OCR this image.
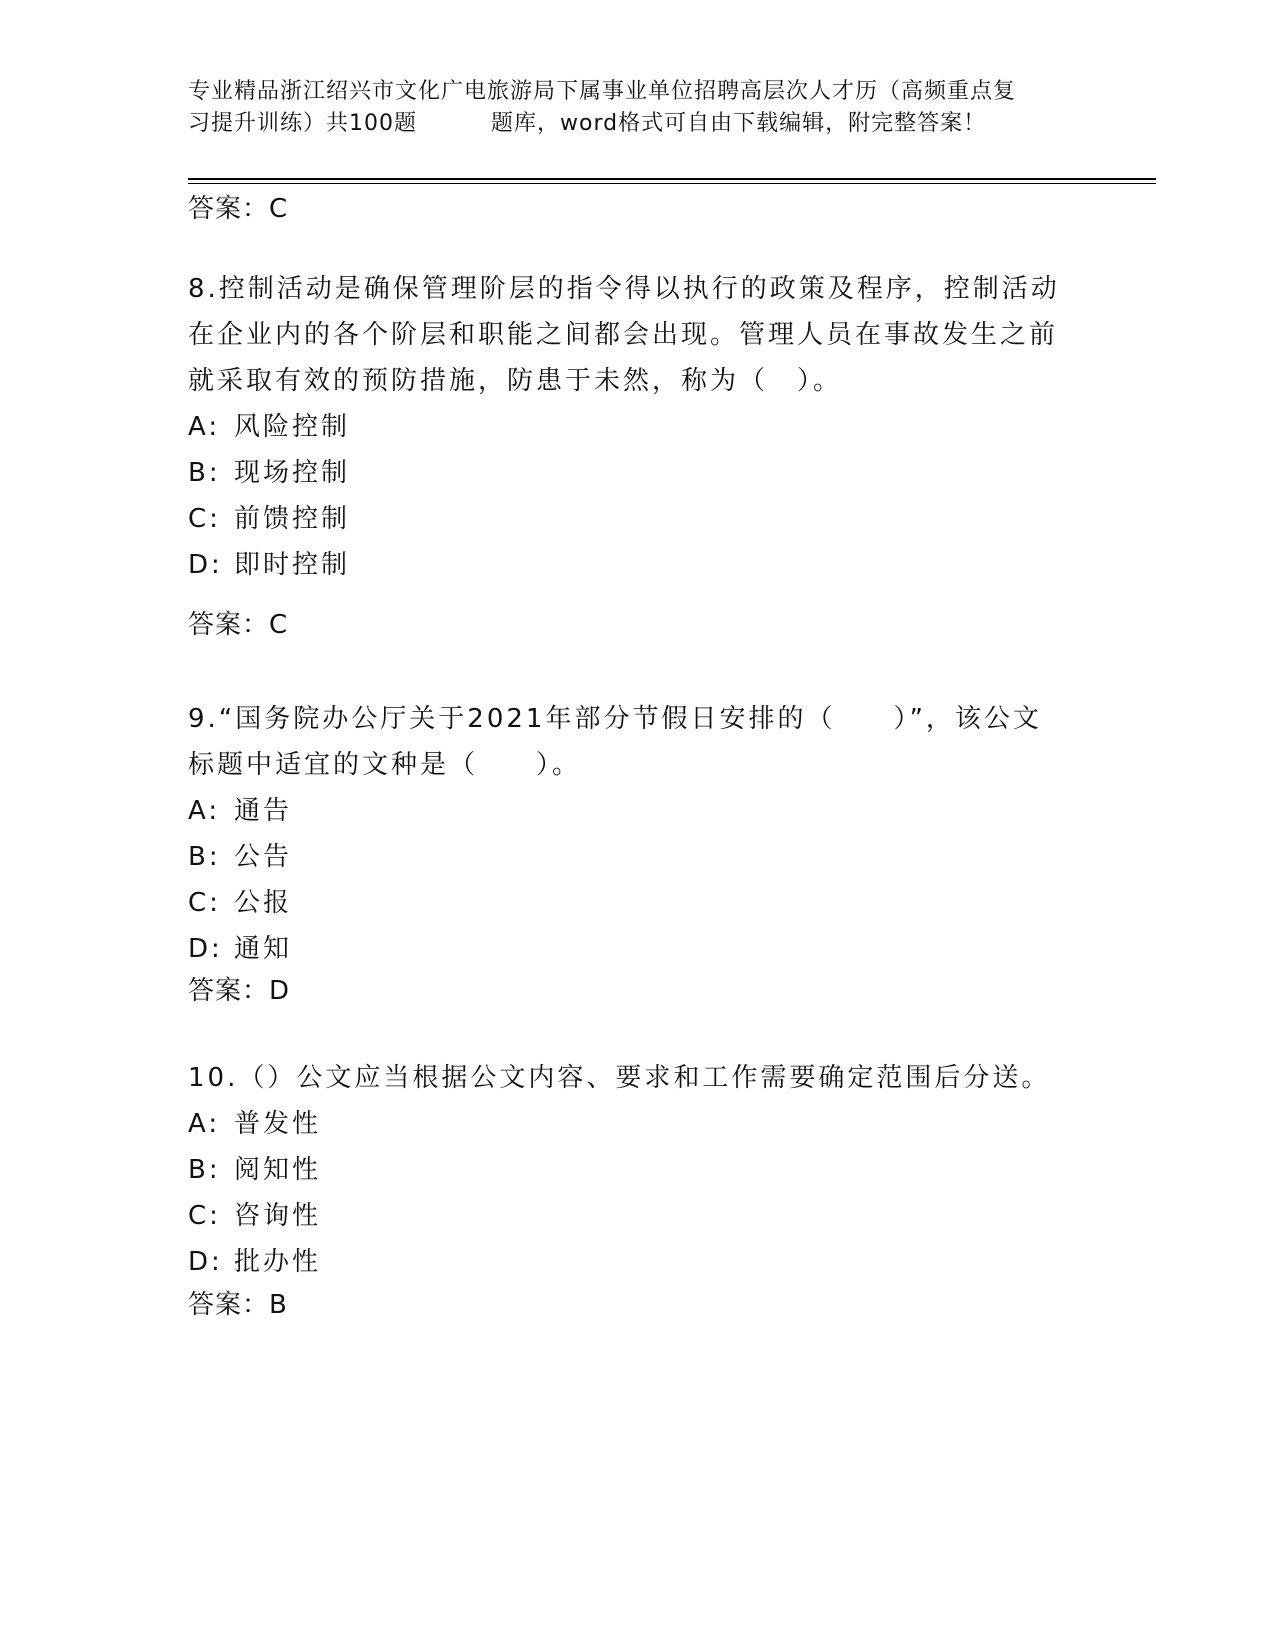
专业精品浙江绍兴市文化广电旅游局下属事业单位招聘高层次人才历（高频重点复
习提升训练）共100题	题库，word格式可自由下载编辑，附完整答案！
答案：C
8.控制活动是确保管理阶层的指令得以执行的政策及程序，控制活动
在企业内的各个阶层和职能之间都会出现。管理人员在事故发生之前
就采取有效的预防措施，防患于未然，称为（　）。
A: 风险控制
B: 现场控制
C: 前馈控制
D: 即时控制
答案：C
9.“国务院办公厅关于2021年部分节假日安排的（　　）”，该公文
标题中适宜的文种是（　　）。
A: 通告
B: 公告
C: 公报
D: 通知
答案：D
10.（）公文应当根据公文内容、要求和工作需要确定范围后分送。
A: 普发性
B: 阅知性
C: 咨询性
D: 批办性
答案：B
